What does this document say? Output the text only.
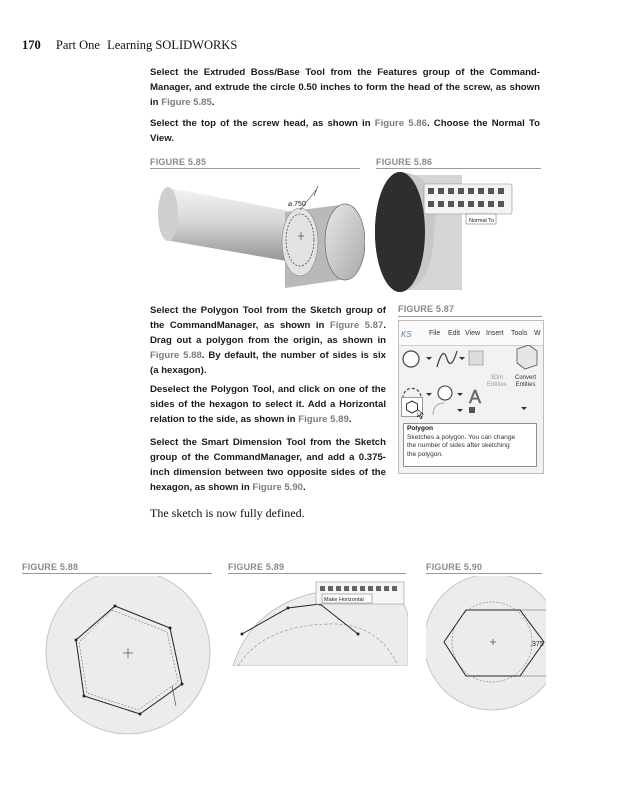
170 Part One Learning SOLIDWORKS

Select the Extruded Boss/Base Tool from the Features group of the Command-Manager, and extrude the circle 0.50 inches to form the head of the screw, as shown in Figure 5.85.

Select the top of the screw head, as shown in Figure 5.86. Choose the Normal To View.

FIGURE 5.85
⌀.750
FIGURE 5.86
Normal To

Select the Polygon Tool from the Sketch group of the CommandManager, as shown in Figure 5.87. Drag out a polygon from the origin, as shown in Figure 5.88. By default, the number of sides is six (a hexagon).

Deselect the Polygon Tool, and click on one of the sides of the hexagon to select it. Add a Horizontal relation to the side, as shown in Figure 5.89.

Select the Smart Dimension Tool from the Sketch group of the CommandManager, and add a 0.375-inch dimension between two opposite sides of the hexagon, as shown in Figure 5.90.

The sketch is now fully defined.
FIGURE 5.87
KS File Edit View Insert Tools W
A
3Dm
Entities
Convert
Entities
Polygon
Sketches a polygon. You can change
the number of sides after sketching
the polygon.
FIGURE 5.88	FIGURE 5.89
Make Horizontal
FIGURE 5.90
.375
